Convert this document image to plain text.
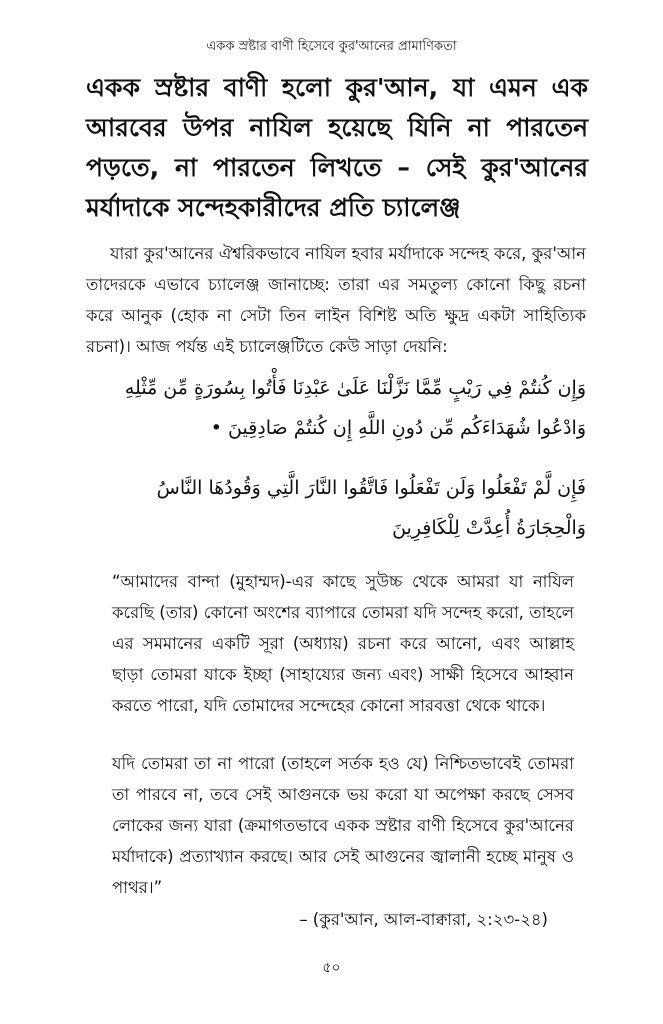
একক স্রষ্টার বাণী হিসেবে কুর'আনের প্রামাণিকতা
একক স্রষ্টার বাণী হলো কুর'আন, যা এমন এক আরবের উপর নাযিল হয়েছে যিনি না পারতেন পড়তে, না পারতেন লিখতে – সেই কুর'আনের মর্যাদাকে সন্দেহকারীদের প্রতি চ্যালেঞ্জ

যারা কুর'আনের ঐশ্বরিকভাবে নাযিল হবার মর্যাদাকে সন্দেহ করে, কুর'আন তাদেরকে এভাবে চ্যালেঞ্জ জানাচ্ছে: তারা এর সমতুল্য কোনো কিছু রচনা করে আনুক (হোক না সেটা তিন লাইন বিশিষ্ট অতি ক্ষুদ্র একটা সাহিত্যিক রচনা)। আজ পর্যন্ত এই চ্যালেঞ্জটিতে কেউ সাড়া দেয়নি:

وَإِن كُنتُمْ فِي رَيْبٍ مِّمَّا نَزَّلْنَا عَلَىٰ عَبْدِنَا فَأْتُوا بِسُورَةٍ مِّن مِّثْلِهِ وَادْعُوا شُهَدَاءَكُم مِّن دُونِ اللَّهِ إِن كُنتُمْ صَادِقِينَ •

فَإِن لَّمْ تَفْعَلُوا وَلَن تَفْعَلُوا فَاتَّقُوا النَّارَ الَّتِي وَقُودُهَا النَّاسُ وَالْحِجَارَةُ أُعِدَّتْ لِلْكَافِرِينَ

“আমাদের বান্দা (মুহাম্মদ)-এর কাছে সুউচ্চ থেকে আমরা যা নাযিল করেছি (তার) কোনো অংশের ব্যাপারে তোমরা যদি সন্দেহ করো, তাহলে এর সমমানের একটি সূরা (অধ্যায়) রচনা করে আনো, এবং আল্লাহ ছাড়া তোমরা যাকে ইচ্ছা (সাহায্যের জন্য এবং) সাক্ষী হিসেবে আহ্বান করতে পারো, যদি তোমাদের সন্দেহের কোনো সারবত্তা থেকে থাকে।

যদি তোমরা তা না পারো (তাহলে সর্তক হও যে) নিশ্চিতভাবেই তোমরা তা পারবে না, তবে সেই আগুনকে ভয় করো যা অপেক্ষা করছে সেসব লোকের জন্য যারা (ক্রমাগতভাবে একক স্রষ্টার বাণী হিসেবে কুর'আনের মর্যাদাকে) প্রত্যাখ্যান করছে। আর সেই আগুনের জ্বালানী হচ্ছে মানুষ ও পাথর।”

– (কুর'আন, আল-বাক্বারা, ২:২৩-২৪)
৫০
